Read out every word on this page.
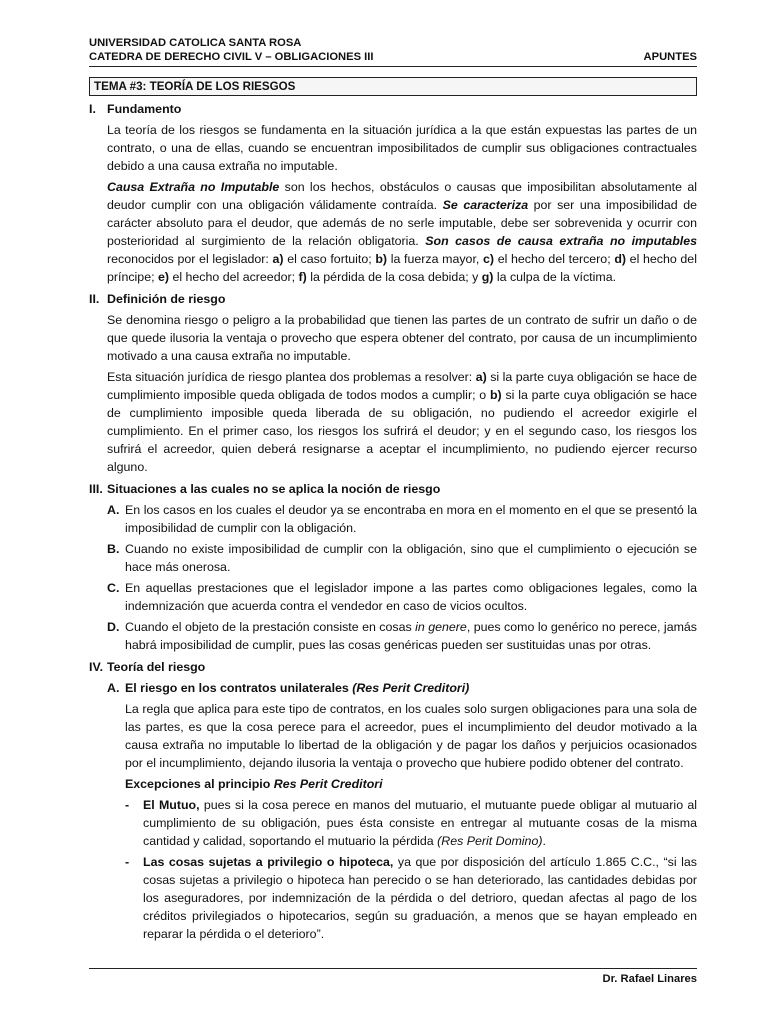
UNIVERSIDAD CATOLICA SANTA ROSA
CATEDRA DE DERECHO CIVIL V – OBLIGACIONES III	APUNTES
TEMA #3: TEORÍA DE LOS RIESGOS
I. Fundamento
La teoría de los riesgos se fundamenta en la situación jurídica a la que están expuestas las partes de un contrato, o una de ellas, cuando se encuentran imposibilitados de cumplir sus obligaciones contractuales debido a una causa extraña no imputable.
Causa Extraña no Imputable son los hechos, obstáculos o causas que imposibilitan absolutamente al deudor cumplir con una obligación válidamente contraída. Se caracteriza por ser una imposibilidad de carácter absoluto para el deudor, que además de no serle imputable, debe ser sobrevenida y ocurrir con posterioridad al surgimiento de la relación obligatoria. Son casos de causa extraña no imputables reconocidos por el legislador: a) el caso fortuito; b) la fuerza mayor, c) el hecho del tercero; d) el hecho del príncipe; e) el hecho del acreedor; f) la pérdida de la cosa debida; y g) la culpa de la víctima.
II. Definición de riesgo
Se denomina riesgo o peligro a la probabilidad que tienen las partes de un contrato de sufrir un daño o de que quede ilusoria la ventaja o provecho que espera obtener del contrato, por causa de un incumplimiento motivado a una causa extraña no imputable.
Esta situación jurídica de riesgo plantea dos problemas a resolver: a) si la parte cuya obligación se hace de cumplimiento imposible queda obligada de todos modos a cumplir; o b) si la parte cuya obligación se hace de cumplimiento imposible queda liberada de su obligación, no pudiendo el acreedor exigirle el cumplimiento. En el primer caso, los riesgos los sufrirá el deudor; y en el segundo caso, los riesgos los sufrirá el acreedor, quien deberá resignarse a aceptar el incumplimiento, no pudiendo ejercer recurso alguno.
III. Situaciones a las cuales no se aplica la noción de riesgo
A. En los casos en los cuales el deudor ya se encontraba en mora en el momento en el que se presentó la imposibilidad de cumplir con la obligación.
B. Cuando no existe imposibilidad de cumplir con la obligación, sino que el cumplimiento o ejecución se hace más onerosa.
C. En aquellas prestaciones que el legislador impone a las partes como obligaciones legales, como la indemnización que acuerda contra el vendedor en caso de vicios ocultos.
D. Cuando el objeto de la prestación consiste en cosas in genere, pues como lo genérico no perece, jamás habrá imposibilidad de cumplir, pues las cosas genéricas pueden ser sustituidas unas por otras.
IV. Teoría del riesgo
A. El riesgo en los contratos unilaterales (Res Perit Creditori)
La regla que aplica para este tipo de contratos, en los cuales solo surgen obligaciones para una sola de las partes, es que la cosa perece para el acreedor, pues el incumplimiento del deudor motivado a la causa extraña no imputable lo libertad de la obligación y de pagar los daños y perjuicios ocasionados por el incumplimiento, dejando ilusoria la ventaja o provecho que hubiere podido obtener del contrato.
Excepciones al principio Res Perit Creditori
-	El Mutuo, pues si la cosa perece en manos del mutuario, el mutuante puede obligar al mutuario al cumplimiento de su obligación, pues ésta consiste en entregar al mutuante cosas de la misma cantidad y calidad, soportando el mutuario la pérdida (Res Perit Domino).
-	Las cosas sujetas a privilegio o hipoteca, ya que por disposición del artículo 1.865 C.C., “si las cosas sujetas a privilegio o hipoteca han perecido o se han deteriorado, las cantidades debidas por los aseguradores, por indemnización de la pérdida o del detrioro, quedan afectas al pago de los créditos privilegiados o hipotecarios, según su graduación, a menos que se hayan empleado en reparar la pérdida o el deterioro”.
Dr. Rafael Linares
